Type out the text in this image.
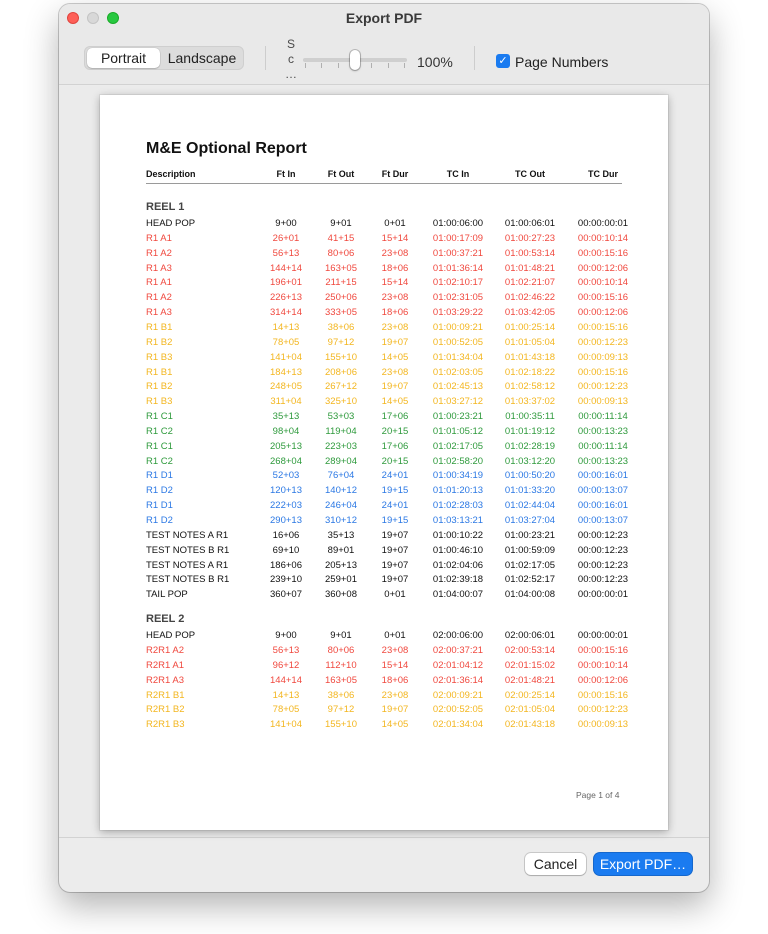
Export PDF
Portrait	Landscape
S
c
…
100%	✓ Page Numbers
M&E Optional Report
Description	Ft In	Ft Out	Ft Dur	TC In	TC Out	TC Dur
REEL 1
HEAD POP	9+00	9+01	0+01	01:00:06:00	01:00:06:01	00:00:00:01
R1 A1	26+01	41+15	15+14	01:00:17:09	01:00:27:23	00:00:10:14
R1 A2	56+13	80+06	23+08	01:00:37:21	01:00:53:14	00:00:15:16
R1 A3	144+14	163+05	18+06	01:01:36:14	01:01:48:21	00:00:12:06
R1 A1	196+01	211+15	15+14	01:02:10:17	01:02:21:07	00:00:10:14
R1 A2	226+13	250+06	23+08	01:02:31:05	01:02:46:22	00:00:15:16
R1 A3	314+14	333+05	18+06	01:03:29:22	01:03:42:05	00:00:12:06
R1 B1	14+13	38+06	23+08	01:00:09:21	01:00:25:14	00:00:15:16
R1 B2	78+05	97+12	19+07	01:00:52:05	01:01:05:04	00:00:12:23
R1 B3	141+04	155+10	14+05	01:01:34:04	01:01:43:18	00:00:09:13
R1 B1	184+13	208+06	23+08	01:02:03:05	01:02:18:22	00:00:15:16
R1 B2	248+05	267+12	19+07	01:02:45:13	01:02:58:12	00:00:12:23
R1 B3	311+04	325+10	14+05	01:03:27:12	01:03:37:02	00:00:09:13
R1 C1	35+13	53+03	17+06	01:00:23:21	01:00:35:11	00:00:11:14
R1 C2	98+04	119+04	20+15	01:01:05:12	01:01:19:12	00:00:13:23
R1 C1	205+13	223+03	17+06	01:02:17:05	01:02:28:19	00:00:11:14
R1 C2	268+04	289+04	20+15	01:02:58:20	01:03:12:20	00:00:13:23
R1 D1	52+03	76+04	24+01	01:00:34:19	01:00:50:20	00:00:16:01
R1 D2	120+13	140+12	19+15	01:01:20:13	01:01:33:20	00:00:13:07
R1 D1	222+03	246+04	24+01	01:02:28:03	01:02:44:04	00:00:16:01
R1 D2	290+13	310+12	19+15	01:03:13:21	01:03:27:04	00:00:13:07
TEST NOTES A R1	16+06	35+13	19+07	01:00:10:22	01:00:23:21	00:00:12:23
TEST NOTES B R1	69+10	89+01	19+07	01:00:46:10	01:00:59:09	00:00:12:23
TEST NOTES A R1	186+06	205+13	19+07	01:02:04:06	01:02:17:05	00:00:12:23
TEST NOTES B R1	239+10	259+01	19+07	01:02:39:18	01:02:52:17	00:00:12:23
TAIL POP	360+07	360+08	0+01	01:04:00:07	01:04:00:08	00:00:00:01
REEL 2
HEAD POP	9+00	9+01	0+01	02:00:06:00	02:00:06:01	00:00:00:01
R2R1 A2	56+13	80+06	23+08	02:00:37:21	02:00:53:14	00:00:15:16
R2R1 A1	96+12	112+10	15+14	02:01:04:12	02:01:15:02	00:00:10:14
R2R1 A3	144+14	163+05	18+06	02:01:36:14	02:01:48:21	00:00:12:06
R2R1 B1	14+13	38+06	23+08	02:00:09:21	02:00:25:14	00:00:15:16
R2R1 B2	78+05	97+12	19+07	02:00:52:05	02:01:05:04	00:00:12:23
R2R1 B3	141+04	155+10	14+05	02:01:34:04	02:01:43:18	00:00:09:13
Page 1 of 4
Cancel	Export PDF…
